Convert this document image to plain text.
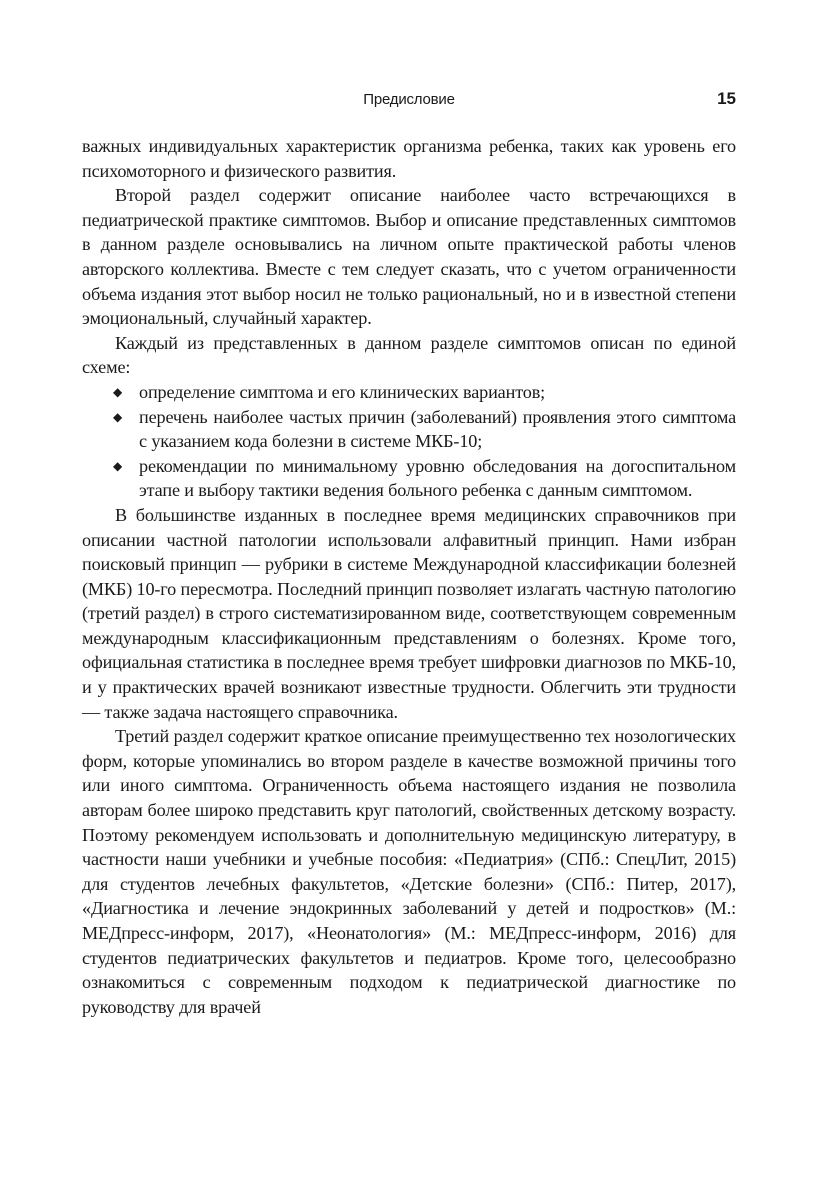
Предисловие	15

важных индивидуальных характеристик организма ребенка, таких как уровень его психомоторного и физического развития.

Второй раздел содержит описание наиболее часто встречающихся в педиатрической практике симптомов. Выбор и описание представленных симптомов в данном разделе основывались на личном опыте практической работы членов авторского коллектива. Вместе с тем следует сказать, что с учетом ограниченности объема издания этот выбор носил не только рациональный, но и в известной степени эмоциональный, случайный характер.

Каждый из представленных в данном разделе симптомов описан по единой схеме:

◆ определение симптома и его клинических вариантов;
◆ перечень наиболее частых причин (заболеваний) проявления этого симптома с указанием кода болезни в системе МКБ-10;
◆ рекомендации по минимальному уровню обследования на догоспитальном этапе и выбору тактики ведения больного ребенка с данным симптомом.

В большинстве изданных в последнее время медицинских справочников при описании частной патологии использовали алфавитный принцип. Нами избран поисковый принцип — рубрики в системе Международной классификации болезней (МКБ) 10-го пересмотра. Последний принцип позволяет излагать частную патологию (третий раздел) в строго систематизированном виде, соответствующем современным международным классификационным представлениям о болезнях. Кроме того, официальная статистика в последнее время требует шифровки диагнозов по МКБ-10, и у практических врачей возникают известные трудности. Облегчить эти трудности — также задача настоящего справочника.

Третий раздел содержит краткое описание преимущественно тех нозологических форм, которые упоминались во втором разделе в качестве возможной причины того или иного симптома. Ограниченность объема настоящего издания не позволила авторам более широко представить круг патологий, свойственных детскому возрасту. Поэтому рекомендуем использовать и дополнительную медицинскую литературу, в частности наши учебники и учебные пособия: «Педиатрия» (СПб.: СпецЛит, 2015) для студентов лечебных факультетов, «Детские болезни» (СПб.: Питер, 2017), «Диагностика и лечение эндокринных заболеваний у детей и подростков» (М.: МЕДпресс-информ, 2017), «Неонатология» (М.: МЕДпресс-информ, 2016) для студентов педиатрических факультетов и педиатров. Кроме того, целесообразно ознакомиться с современным подходом к педиатрической диагностике по руководству для врачей
